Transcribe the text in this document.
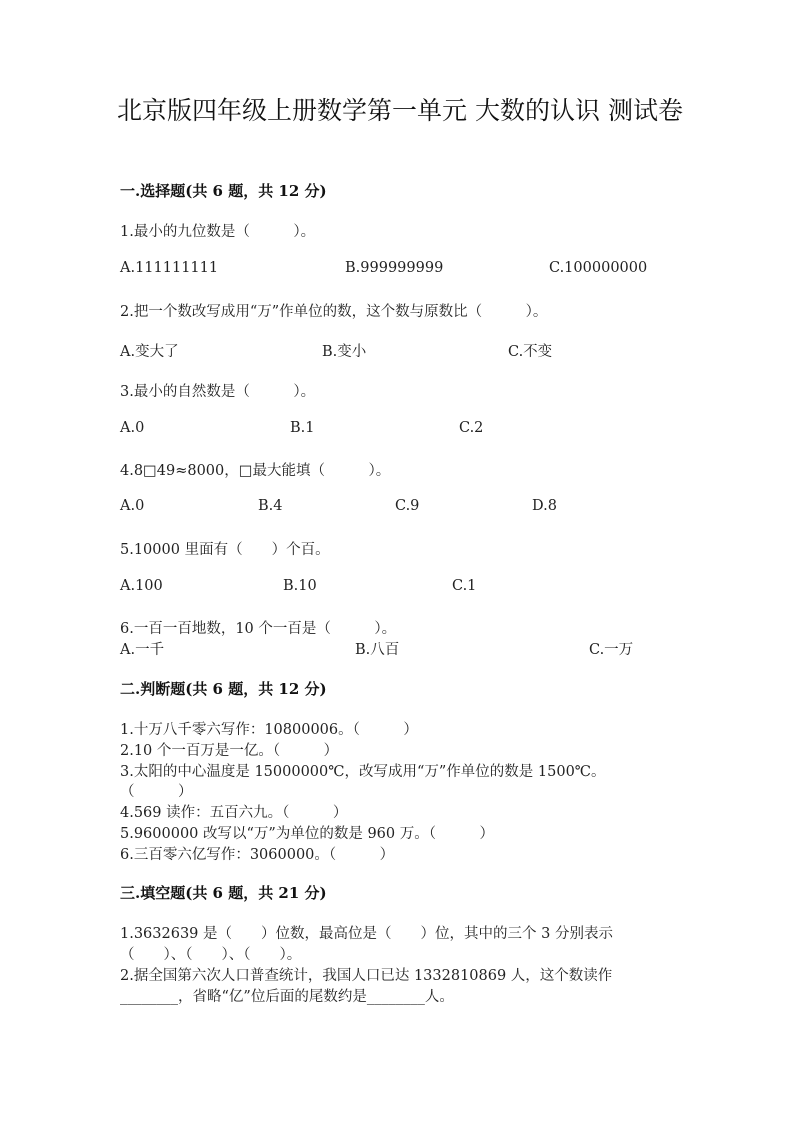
北京版四年级上册数学第一单元 大数的认识 测试卷
一.选择题(共 6 题，共 12 分)
1.最小的九位数是（　　　）。
A.111111111	B.999999999	C.100000000
2.把一个数改写成用“万”作单位的数，这个数与原数比（　　　）。
A.变大了	B.变小	C.不变
3.最小的自然数是（　　　）。
A.0	B.1	C.2
4.8□49≈8000，□最大能填（　　　）。
A.0	B.4	C.9	D.8
5.10000 里面有（　　）个百。
A.100	B.10	C.1
6.一百一百地数，10 个一百是（　　　）。
A.一千	B.八百	C.一万
二.判断题(共 6 题，共 12 分)
1.十万八千零六写作：10800006。（　　　）
2.10 个一百万是一亿。（　　　）
3.太阳的中心温度是 15000000℃，改写成用“万”作单位的数是 1500℃。
（　　　）
4.569 读作：五百六九。（　　　）
5.9600000 改写以“万”为单位的数是 960 万。（　　　）
6.三百零六亿写作：3060000。（　　　）
三.填空题(共 6 题，共 21 分)
1.3632639 是（　　）位数，最高位是（　　）位，其中的三个 3 分别表示
（　　）、（　　）、（　　）。
2.据全国第六次人口普查统计，我国人口已达 1332810869 人，这个数读作
________，省略“亿”位后面的尾数约是________人。
